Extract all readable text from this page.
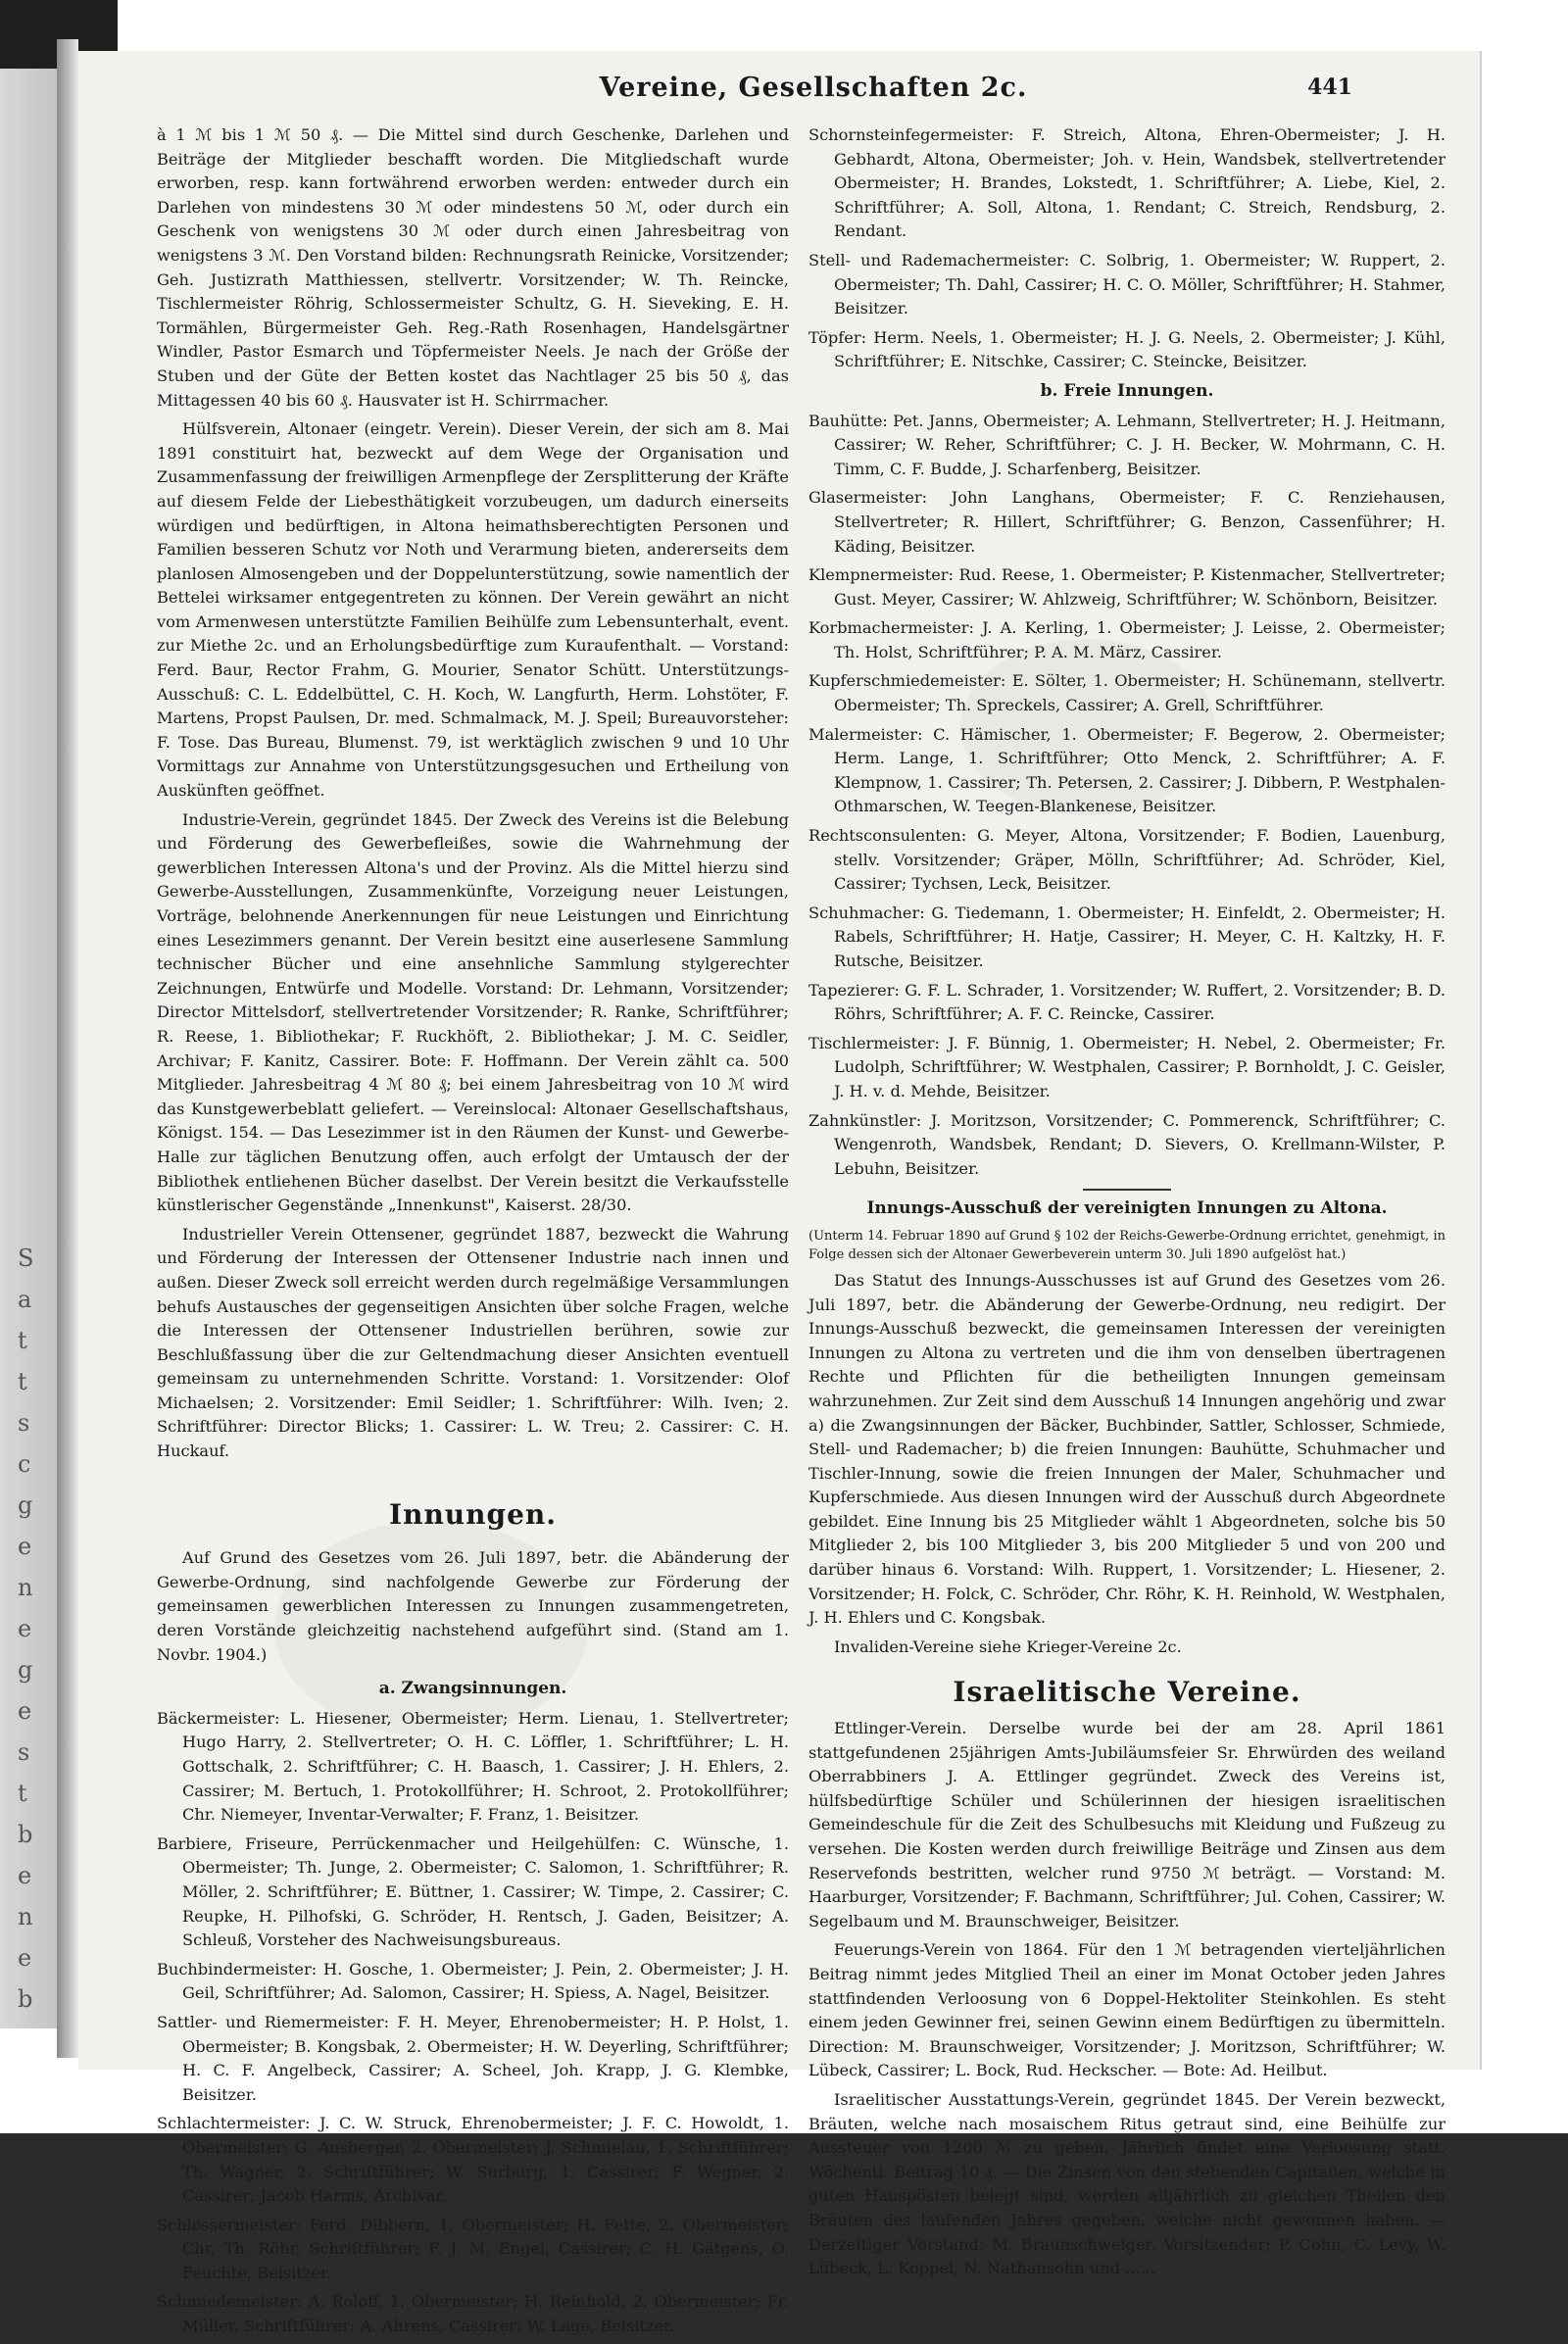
S
a
t
t
s
c
g
e
n
e
g
e
s
t
b
e
n
e
b
Vereine, Gesellschaften 2c.	441

à 1 ℳ bis 1 ℳ 50 ₰. — Die Mittel sind durch Geschenke, Darlehen und Beiträge der Mitglieder beschafft worden. Die Mitgliedschaft wurde erworben, resp. kann fortwährend erworben werden: entweder durch ein Darlehen von mindestens 30 ℳ oder mindestens 50 ℳ, oder durch ein Geschenk von wenigstens 30 ℳ oder durch einen Jahresbeitrag von wenigstens 3 ℳ. Den Vorstand bilden: Rechnungsrath Reinicke, Vorsitzender; Geh. Justizrath Matthiessen, stellvertr. Vorsitzender; W. Th. Reincke, Tischlermeister Röhrig, Schlossermeister Schultz, G. H. Sieveking, E. H. Tormählen, Bürgermeister Geh. Reg.-Rath Rosenhagen, Handelsgärtner Windler, Pastor Esmarch und Töpfermeister Neels. Je nach der Größe der Stuben und der Güte der Betten kostet das Nachtlager 25 bis 50 ₰, das Mittagessen 40 bis 60 ₰. Hausvater ist H. Schirrmacher.

Hülfsverein, Altonaer (eingetr. Verein). Dieser Verein, der sich am 8. Mai 1891 constituirt hat, bezweckt auf dem Wege der Organisation und Zusammenfassung der freiwilligen Armenpflege der Zersplitterung der Kräfte auf diesem Felde der Liebesthätigkeit vorzubeugen, um dadurch einerseits würdigen und bedürftigen, in Altona heimathsberechtigten Personen und Familien besseren Schutz vor Noth und Verarmung bieten, andererseits dem planlosen Almosengeben und der Doppelunterstützung, sowie namentlich der Bettelei wirksamer entgegentreten zu können. Der Verein gewährt an nicht vom Armenwesen unterstützte Familien Beihülfe zum Lebensunterhalt, event. zur Miethe 2c. und an Erholungsbedürftige zum Kuraufenthalt. — Vorstand: Ferd. Baur, Rector Frahm, G. Mourier, Senator Schütt. Unterstützungs-Ausschuß: C. L. Eddelbüttel, C. H. Koch, W. Langfurth, Herm. Lohstöter, F. Martens, Propst Paulsen, Dr. med. Schmalmack, M. J. Speil; Bureauvorsteher: F. Tose. Das Bureau, Blumenst. 79, ist werktäglich zwischen 9 und 10 Uhr Vormittags zur Annahme von Unterstützungsgesuchen und Ertheilung von Auskünften geöffnet.

Industrie-Verein, gegründet 1845. Der Zweck des Vereins ist die Belebung und Förderung des Gewerbefleißes, sowie die Wahrnehmung der gewerblichen Interessen Altona's und der Provinz. Als die Mittel hierzu sind Gewerbe-Ausstellungen, Zusammenkünfte, Vorzeigung neuer Leistungen, Vorträge, belohnende Anerkennungen für neue Leistungen und Einrichtung eines Lesezimmers genannt. Der Verein besitzt eine auserlesene Sammlung technischer Bücher und eine ansehnliche Sammlung stylgerechter Zeichnungen, Entwürfe und Modelle. Vorstand: Dr. Lehmann, Vorsitzender; Director Mittelsdorf, stellvertretender Vorsitzender; R. Ranke, Schriftführer; R. Reese, 1. Bibliothekar; F. Ruckhöft, 2. Bibliothekar; J. M. C. Seidler, Archivar; F. Kanitz, Cassirer. Bote: F. Hoffmann. Der Verein zählt ca. 500 Mitglieder. Jahresbeitrag 4 ℳ 80 ₰; bei einem Jahresbeitrag von 10 ℳ wird das Kunstgewerbeblatt geliefert. — Vereinslocal: Altonaer Gesellschaftshaus, Königst. 154. — Das Lesezimmer ist in den Räumen der Kunst- und Gewerbe-Halle zur täglichen Benutzung offen, auch erfolgt der Umtausch der der Bibliothek entliehenen Bücher daselbst. Der Verein besitzt die Verkaufsstelle künstlerischer Gegenstände „Innenkunst", Kaiserst. 28/30.

Industrieller Verein Ottensener, gegründet 1887, bezweckt die Wahrung und Förderung der Interessen der Ottensener Industrie nach innen und außen. Dieser Zweck soll erreicht werden durch regelmäßige Versammlungen behufs Austausches der gegenseitigen Ansichten über solche Fragen, welche die Interessen der Ottensener Industriellen berühren, sowie zur Beschlußfassung über die zur Geltendmachung dieser Ansichten eventuell gemeinsam zu unternehmenden Schritte. Vorstand: 1. Vorsitzender: Olof Michaelsen; 2. Vorsitzender: Emil Seidler; 1. Schriftführer: Wilh. Iven; 2. Schriftführer: Director Blicks; 1. Cassirer: L. W. Treu; 2. Cassirer: C. H. Huckauf.

Innungen.

Auf Grund des Gesetzes vom 26. Juli 1897, betr. die Abänderung der Gewerbe-Ordnung, sind nachfolgende Gewerbe zur Förderung der gemeinsamen gewerblichen Interessen zu Innungen zusammengetreten, deren Vorstände gleichzeitig nachstehend aufgeführt sind. (Stand am 1. Novbr. 1904.)

a. Zwangsinnungen.

Bäckermeister: L. Hiesener, Obermeister; Herm. Lienau, 1. Stellvertreter; Hugo Harry, 2. Stellvertreter; O. H. C. Löffler, 1. Schriftführer; L. H. Gottschalk, 2. Schriftführer; C. H. Baasch, 1. Cassirer; J. H. Ehlers, 2. Cassirer; M. Bertuch, 1. Protokollführer; H. Schroot, 2. Protokollführer; Chr. Niemeyer, Inventar-Verwalter; F. Franz, 1. Beisitzer.

Barbiere, Friseure, Perrückenmacher und Heilgehülfen: C. Wünsche, 1. Obermeister; Th. Junge, 2. Obermeister; C. Salomon, 1. Schriftführer; R. Möller, 2. Schriftführer; E. Büttner, 1. Cassirer; W. Timpe, 2. Cassirer; C. Reupke, H. Pilhofski, G. Schröder, H. Rentsch, J. Gaden, Beisitzer; A. Schleuß, Vorsteher des Nachweisungsbureaus.

Buchbindermeister: H. Gosche, 1. Obermeister; J. Pein, 2. Obermeister; J. H. Geil, Schriftführer; Ad. Salomon, Cassirer; H. Spiess, A. Nagel, Beisitzer.

Sattler- und Riemermeister: F. H. Meyer, Ehrenobermeister; H. P. Holst, 1. Obermeister; B. Kongsbak, 2. Obermeister; H. W. Deyerling, Schriftführer; H. C. F. Angelbeck, Cassirer; A. Scheel, Joh. Krapp, J. G. Klembke, Beisitzer.

Schlachtermeister: J. C. W. Struck, Ehrenobermeister; J. F. C. Howoldt, 1. Obermeister; G. Ansberger, 2. Obermeister; J. Schmielau, 1. Schriftführer; Th. Wagner, 2. Schriftführer; W. Surburg, 1. Cassirer; F. Wegner, 2. Cassirer; Jacob Harms, Archivar.

Schlossermeister: Ferd. Dibbern, 1. Obermeister; H. Fette, 2. Obermeister; Chr. Th. Röhr, Schriftführer; F. J. M. Engel, Cassirer; C. H. Gätgens, O. Feuchte, Beisitzer.

Schmiedemeister: A. Roloff, 1. Obermeister; H. Reinhold, 2. Obermeister; Fr. Müller, Schriftführer; A. Ahrens, Cassirer; W. Lage, Beisitzer.

Schornsteinfegermeister: F. Streich, Altona, Ehren-Obermeister; J. H. Gebhardt, Altona, Obermeister; Joh. v. Hein, Wandsbek, stellvertretender Obermeister; H. Brandes, Lokstedt, 1. Schriftführer; A. Liebe, Kiel, 2. Schriftführer; A. Soll, Altona, 1. Rendant; C. Streich, Rendsburg, 2. Rendant.

Stell- und Rademachermeister: C. Solbrig, 1. Obermeister; W. Ruppert, 2. Obermeister; Th. Dahl, Cassirer; H. C. O. Möller, Schriftführer; H. Stahmer, Beisitzer.

Töpfer: Herm. Neels, 1. Obermeister; H. J. G. Neels, 2. Obermeister; J. Kühl, Schriftführer; E. Nitschke, Cassirer; C. Steincke, Beisitzer.

b. Freie Innungen.

Bauhütte: Pet. Janns, Obermeister; A. Lehmann, Stellvertreter; H. J. Heitmann, Cassirer; W. Reher, Schriftführer; C. J. H. Becker, W. Mohrmann, C. H. Timm, C. F. Budde, J. Scharfenberg, Beisitzer.

Glasermeister: John Langhans, Obermeister; F. C. Renziehausen, Stellvertreter; R. Hillert, Schriftführer; G. Benzon, Cassenführer; H. Käding, Beisitzer.

Klempnermeister: Rud. Reese, 1. Obermeister; P. Kistenmacher, Stellvertreter; Gust. Meyer, Cassirer; W. Ahlzweig, Schriftführer; W. Schönborn, Beisitzer.

Korbmachermeister: J. A. Kerling, 1. Obermeister; J. Leisse, 2. Obermeister; Th. Holst, Schriftführer; P. A. M. März, Cassirer.

Kupferschmiedemeister: E. Sölter, 1. Obermeister; H. Schünemann, stellvertr. Obermeister; Th. Spreckels, Cassirer; A. Grell, Schriftführer.

Malermeister: C. Hämischer, 1. Obermeister; F. Begerow, 2. Obermeister; Herm. Lange, 1. Schriftführer; Otto Menck, 2. Schriftführer; A. F. Klempnow, 1. Cassirer; Th. Petersen, 2. Cassirer; J. Dibbern, P. Westphalen-Othmarschen, W. Teegen-Blankenese, Beisitzer.

Rechtsconsulenten: G. Meyer, Altona, Vorsitzender; F. Bodien, Lauenburg, stellv. Vorsitzender; Gräper, Mölln, Schriftführer; Ad. Schröder, Kiel, Cassirer; Tychsen, Leck, Beisitzer.

Schuhmacher: G. Tiedemann, 1. Obermeister; H. Einfeldt, 2. Obermeister; H. Rabels, Schriftführer; H. Hatje, Cassirer; H. Meyer, C. H. Kaltzky, H. F. Rutsche, Beisitzer.

Tapezierer: G. F. L. Schrader, 1. Vorsitzender; W. Ruffert, 2. Vorsitzender; B. D. Röhrs, Schriftführer; A. F. C. Reincke, Cassirer.

Tischlermeister: J. F. Bünnig, 1. Obermeister; H. Nebel, 2. Obermeister; Fr. Ludolph, Schriftführer; W. Westphalen, Cassirer; P. Bornholdt, J. C. Geisler, J. H. v. d. Mehde, Beisitzer.

Zahnkünstler: J. Moritzson, Vorsitzender; C. Pommerenck, Schriftführer; C. Wengenroth, Wandsbek, Rendant; D. Sievers, O. Krellmann-Wilster, P. Lebuhn, Beisitzer.

Innungs-Ausschuß der vereinigten Innungen zu Altona.

(Unterm 14. Februar 1890 auf Grund § 102 der Reichs-Gewerbe-Ordnung errichtet, genehmigt, in Folge dessen sich der Altonaer Gewerbeverein unterm 30. Juli 1890 aufgelöst hat.)

Das Statut des Innungs-Ausschusses ist auf Grund des Gesetzes vom 26. Juli 1897, betr. die Abänderung der Gewerbe-Ordnung, neu redigirt. Der Innungs-Ausschuß bezweckt, die gemeinsamen Interessen der vereinigten Innungen zu Altona zu vertreten und die ihm von denselben übertragenen Rechte und Pflichten für die betheiligten Innungen gemeinsam wahrzunehmen. Zur Zeit sind dem Ausschuß 14 Innungen angehörig und zwar a) die Zwangsinnungen der Bäcker, Buchbinder, Sattler, Schlosser, Schmiede, Stell- und Rademacher; b) die freien Innungen: Bauhütte, Schuhmacher und Tischler-Innung, sowie die freien Innungen der Maler, Schuhmacher und Kupferschmiede. Aus diesen Innungen wird der Ausschuß durch Abgeordnete gebildet. Eine Innung bis 25 Mitglieder wählt 1 Abgeordneten, solche bis 50 Mitglieder 2, bis 100 Mitglieder 3, bis 200 Mitglieder 5 und von 200 und darüber hinaus 6. Vorstand: Wilh. Ruppert, 1. Vorsitzender; L. Hiesener, 2. Vorsitzender; H. Folck, C. Schröder, Chr. Röhr, K. H. Reinhold, W. Westphalen, J. H. Ehlers und C. Kongsbak.

Invaliden-Vereine siehe Krieger-Vereine 2c.

Israelitische Vereine.

Ettlinger-Verein. Derselbe wurde bei der am 28. April 1861 stattgefundenen 25jährigen Amts-Jubiläumsfeier Sr. Ehrwürden des weiland Oberrabbiners J. A. Ettlinger gegründet. Zweck des Vereins ist, hülfsbedürftige Schüler und Schülerinnen der hiesigen israelitischen Gemeindeschule für die Zeit des Schulbesuchs mit Kleidung und Fußzeug zu versehen. Die Kosten werden durch freiwillige Beiträge und Zinsen aus dem Reservefonds bestritten, welcher rund 9750 ℳ beträgt. — Vorstand: M. Haarburger, Vorsitzender; F. Bachmann, Schriftführer; Jul. Cohen, Cassirer; W. Segelbaum und M. Braunschweiger, Beisitzer.

Feuerungs-Verein von 1864. Für den 1 ℳ betragenden vierteljährlichen Beitrag nimmt jedes Mitglied Theil an einer im Monat October jeden Jahres stattfindenden Verloosung von 6 Doppel-Hektoliter Steinkohlen. Es steht einem jeden Gewinner frei, seinen Gewinn einem Bedürftigen zu übermitteln. Direction: M. Braunschweiger, Vorsitzender; J. Moritzson, Schriftführer; W. Lübeck, Cassirer; L. Bock, Rud. Heckscher. — Bote: Ad. Heilbut.

Israelitischer Ausstattungs-Verein, gegründet 1845. Der Verein bezweckt, Bräuten, welche nach mosaischem Ritus getraut sind, eine Beihülfe zur Aussteuer von 1200 ℳ zu geben. Jährlich findet eine Verloosung statt. Wöchentl. Beitrag 10 ₰. — Die Zinsen von den stehenden Capitalien, welche in guten Hauspösten belegt sind, werden alljährlich zu gleichen Theilen den Bräuten des laufenden Jahres gegeben, welche nicht gewonnen haben. — Derzeitiger Vorstand: M. Braunschweiger, Vorsitzender; P. Cohn, C. Levy, W. Lübeck, L. Koppel, N. Nathansohn und ......
